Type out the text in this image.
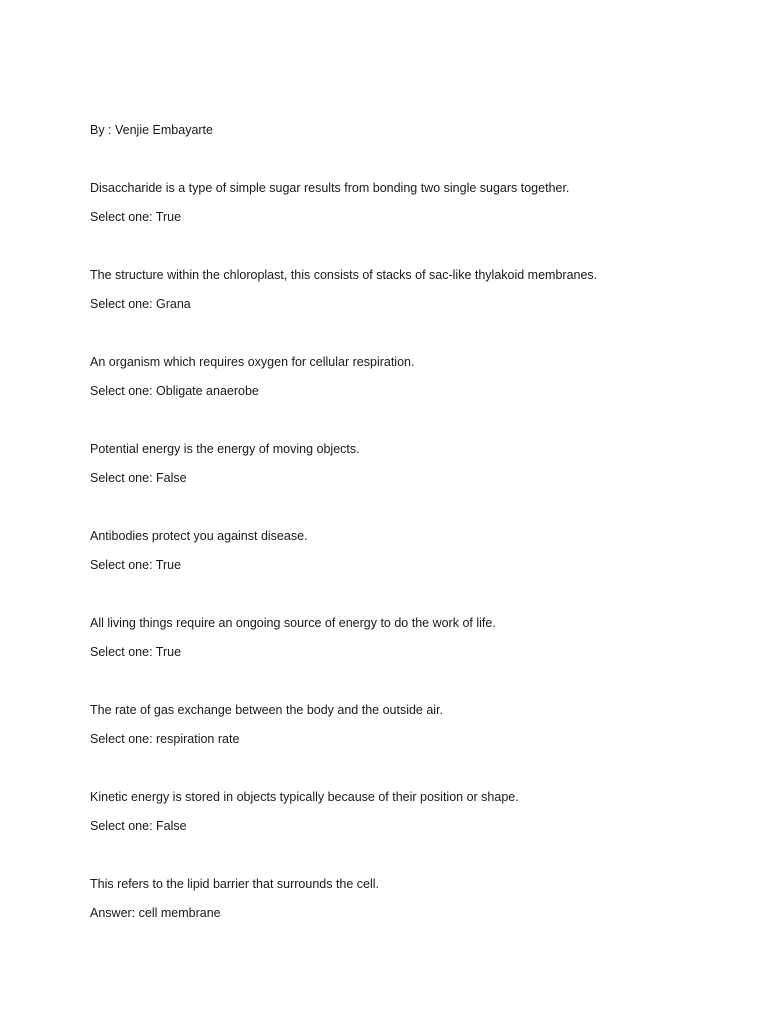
By : Venjie Embayarte

Disaccharide is a type of simple sugar results from bonding two single sugars together.

Select one: True

The structure within the chloroplast, this consists of stacks of sac-like thylakoid membranes.

Select one: Grana

An organism which requires oxygen for cellular respiration.

Select one: Obligate anaerobe

Potential energy is the energy of moving objects.

Select one: False

Antibodies protect you against disease.

Select one: True

All living things require an ongoing source of energy to do the work of life.

Select one: True

The rate of gas exchange between the body and the outside air.

Select one: respiration rate

Kinetic energy is stored in objects typically because of their position or shape.

Select one: False

This refers to the lipid barrier that surrounds the cell.

Answer: cell membrane
